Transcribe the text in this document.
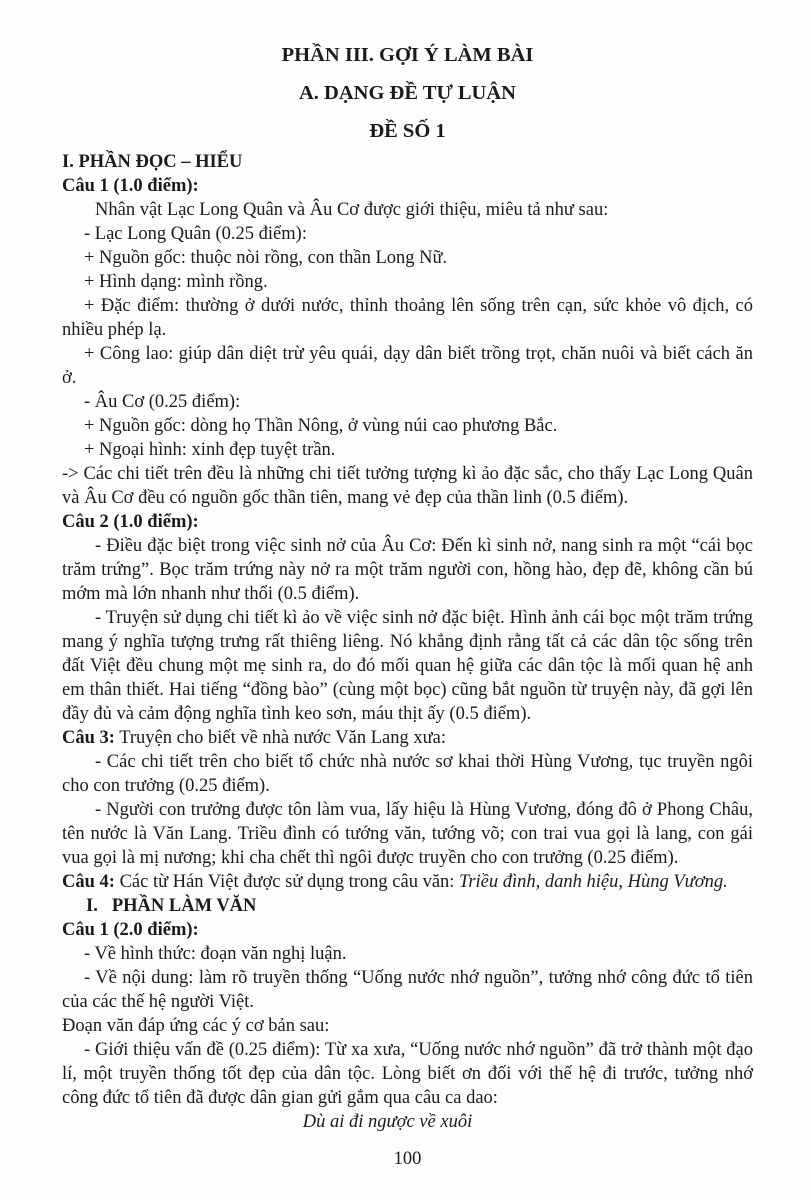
PHẦN III. GỢI Ý LÀM BÀI
A. DẠNG ĐỀ TỰ LUẬN
ĐỀ SỐ 1

I. PHẦN ĐỌC – HIỂU

Câu 1 (1.0 điểm):

Nhân vật Lạc Long Quân và Âu Cơ được giới thiệu, miêu tả như sau:

- Lạc Long Quân (0.25 điểm):

+ Nguồn gốc: thuộc nòi rồng, con thần Long Nữ.

+ Hình dạng: mình rồng.

+ Đặc điểm: thường ở dưới nước, thỉnh thoảng lên sống trên cạn, sức khỏe vô địch, có nhiều phép lạ.

+ Công lao: giúp dân diệt trừ yêu quái, dạy dân biết trồng trọt, chăn nuôi và biết cách ăn ở.

- Âu Cơ (0.25 điểm):

+ Nguồn gốc: dòng họ Thần Nông, ở vùng núi cao phương Bắc.

+ Ngoại hình: xinh đẹp tuyệt trần.

-> Các chi tiết trên đều là những chi tiết tưởng tượng kì ảo đặc sắc, cho thấy Lạc Long Quân và Âu Cơ đều có nguồn gốc thần tiên, mang vẻ đẹp của thần linh (0.5 điểm).

Câu 2 (1.0 điểm):

- Điều đặc biệt trong việc sinh nở của Âu Cơ: Đến kì sinh nở, nang sinh ra một “cái bọc trăm trứng”. Bọc trăm trứng này nở ra một trăm người con, hồng hào, đẹp đẽ, không cần bú mớm mà lớn nhanh như thổi (0.5 điểm).

- Truyện sử dụng chi tiết kì ảo về việc sinh nở đặc biệt. Hình ảnh cái bọc một trăm trứng mang ý nghĩa tượng trưng rất thiêng liêng. Nó khẳng định rằng tất cả các dân tộc sống trên đất Việt đều chung một mẹ sinh ra, do đó mối quan hệ giữa các dân tộc là mối quan hệ anh em thân thiết. Hai tiếng “đồng bào” (cùng một bọc) cũng bắt nguồn từ truyện này, đã gợi lên đầy đủ và cảm động nghĩa tình keo sơn, máu thịt ấy (0.5 điểm).

Câu 3: Truyện cho biết về nhà nước Văn Lang xưa:

- Các chi tiết trên cho biết tổ chức nhà nước sơ khai thời Hùng Vương, tục truyền ngôi cho con trưởng (0.25 điểm).

- Người con trưởng được tôn làm vua, lấy hiệu là Hùng Vương, đóng đô ở Phong Châu, tên nước là Văn Lang. Triều đình có tướng văn, tướng võ; con trai vua gọi là lang, con gái vua gọi là mị nương; khi cha chết thì ngôi được truyền cho con trưởng (0.25 điểm).

Câu 4: Các từ Hán Việt được sử dụng trong câu văn: Triều đình, danh hiệu, Hùng Vương.

I. PHẦN LÀM VĂN

Câu 1 (2.0 điểm):

- Về hình thức: đoạn văn nghị luận.

- Về nội dung: làm rõ truyền thống “Uống nước nhớ nguồn”, tưởng nhớ công đức tổ tiên của các thế hệ người Việt.

Đoạn văn đáp ứng các ý cơ bản sau:

- Giới thiệu vấn đề (0.25 điểm): Từ xa xưa, “Uống nước nhớ nguồn” đã trở thành một đạo lí, một truyền thống tốt đẹp của dân tộc. Lòng biết ơn đối với thế hệ đi trước, tưởng nhớ công đức tổ tiên đã được dân gian gửi gắm qua câu ca dao:

Dù ai đi ngược về xuôi

100
